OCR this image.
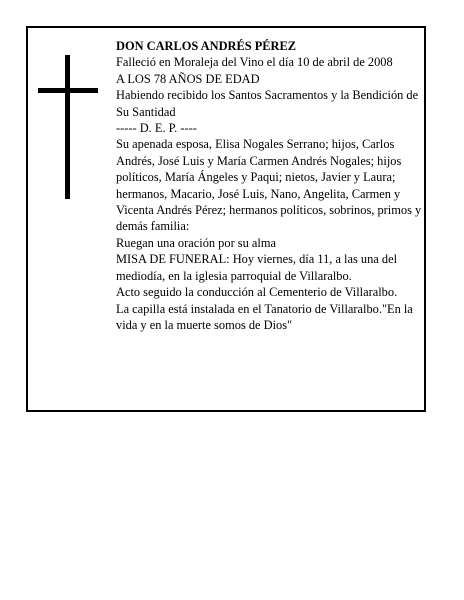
DON CARLOS ANDRÉS PÉREZ

Falleció en Moraleja del Vino el día 10 de abril de 2008

A LOS 78 AÑOS DE EDAD

Habiendo recibido los Santos Sacramentos y la Bendición de Su Santidad

----- D. E. P. ----

Su apenada esposa, Elisa Nogales Serrano; hijos, Carlos Andrés, José Luis y María Carmen Andrés Nogales; hijos políticos, María Ángeles y Paqui; nietos, Javier y Laura; hermanos, Macario, José Luis, Nano, Angelita, Carmen y Vicenta Andrés Pérez; hermanos políticos, sobrinos, primos y demás familia:

Ruegan una oración por su alma

MISA DE FUNERAL: Hoy viernes, día 11, a las una del mediodía, en la iglesia parroquial de Villaralbo.

Acto seguido la conducción al Cementerio de Villaralbo.

La capilla está instalada en el Tanatorio de Villaralbo."En la vida y en la muerte somos de Dios"
